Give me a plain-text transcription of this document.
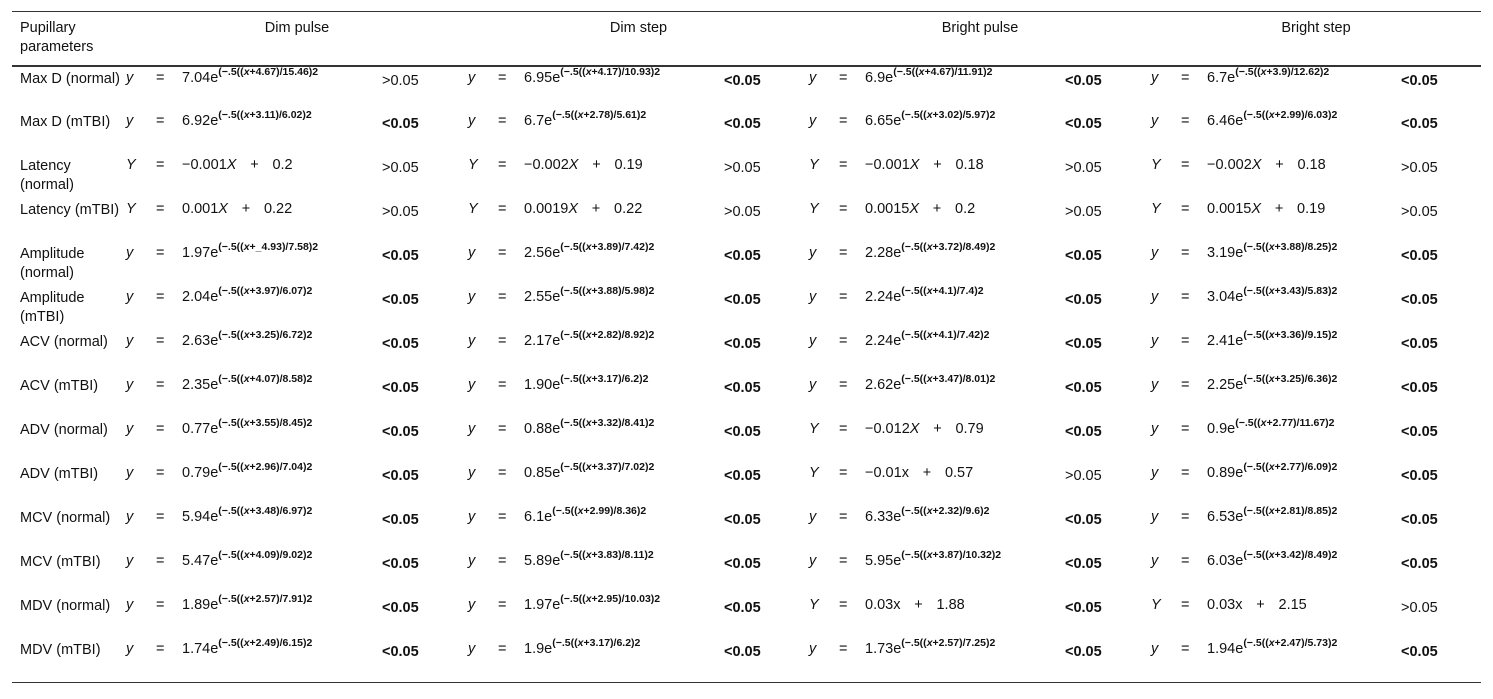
Pupillary parameters	Dim pulse		Dim step		Bright pulse		Bright step	
Max D (normal)	$y = 7.04e^{(-.5((x+4.67)/15.46)2}$	>0.05	$y = 6.95e^{(-.5((x+4.17)/10.93)2}$	<0.05	$y = 6.9e^{(-.5((x+4.67)/11.91)2}$	<0.05	$y = 6.7e^{(-.5((x+3.9)/12.62)2}$	<0.05
Max D (mTBI)	$y = 6.92e^{(-.5((x+3.11)/6.02)2}$	<0.05	$y = 6.7e^{(-.5((x+2.78)/5.61)2}$	<0.05	$y = 6.65e^{(-.5((x+3.02)/5.97)2}$	<0.05	$y = 6.46e^{(-.5((x+2.99)/6.03)2}$	<0.05
Latency (normal)	Y = −0.001X + 0.2	>0.05	Y = −0.002X + 0.19	>0.05	Y = −0.001X + 0.18	>0.05	Y = −0.002X + 0.18	>0.05
Latency (mTBI)	Y = 0.001X + 0.22	>0.05	Y = 0.0019X + 0.22	>0.05	Y = 0.0015X + 0.2	>0.05	Y = 0.0015X + 0.19	>0.05
Amplitude (normal)	$y = 1.97e^{(-.5((x+\_4.93)/7.58)2}$	<0.05	$y = 2.56e^{(-.5((x+3.89)/7.42)2}$	<0.05	$y = 2.28e^{(-.5((x+3.72)/8.49)2}$	<0.05	$y = 3.19e^{(-.5((x+3.88)/8.25)2}$	<0.05
Amplitude (mTBI)	$y = 2.04e^{(-.5((x+3.97)/6.07)2}$	<0.05	$y = 2.55e^{(-.5((x+3.88)/5.98)2}$	<0.05	$y = 2.24e^{(-.5((x+4.1)/7.4)2}$	<0.05	$y = 3.04e^{(-.5((x+3.43)/5.83)2}$	<0.05
ACV (normal)	$y = 2.63e^{(-.5((x+3.25)/6.72)2}$	<0.05	$y = 2.17e^{(-.5((x+2.82)/8.92)2}$	<0.05	$y = 2.24e^{(-.5((x+4.1)/7.42)2}$	<0.05	$y = 2.41e^{(-.5((x+3.36)/9.15)2}$	<0.05
ACV (mTBI)	$y = 2.35e^{(-.5((x+4.07)/8.58)2}$	<0.05	$y = 1.90e^{(-.5((x+3.17)/6.2)2}$	<0.05	$y = 2.62e^{(-.5((x+3.47)/8.01)2}$	<0.05	$y = 2.25e^{(-.5((x+3.25)/6.36)2}$	<0.05
ADV (normal)	$y = 0.77e^{(-.5((x+3.55)/8.45)2}$	<0.05	$y = 0.88e^{(-.5((x+3.32)/8.41)2}$	<0.05	Y = −0.012X + 0.79	<0.05	$y = 0.9e^{(-.5((x+2.77)/11.67)2}$	<0.05
ADV (mTBI)	$y = 0.79e^{(-.5((x+2.96)/7.04)2}$	<0.05	$y = 0.85e^{(-.5((x+3.37)/7.02)2}$	<0.05	Y = −0.01x + 0.57	>0.05	$y = 0.89e^{(-.5((x+2.77)/6.09)2}$	<0.05
MCV (normal)	$y = 5.94e^{(-.5((x+3.48)/6.97)2}$	<0.05	$y = 6.1e^{(-.5((x+2.99)/8.36)2}$	<0.05	$y = 6.33e^{(-.5((x+2.32)/9.6)2}$	<0.05	$y = 6.53e^{(-.5((x+2.81)/8.85)2}$	<0.05
MCV (mTBI)	$y = 5.47e^{(-.5((x+4.09)/9.02)2}$	<0.05	$y = 5.89e^{(-.5((x+3.83)/8.11)2}$	<0.05	$y = 5.95e^{(-.5((x+3.87)/10.32)2}$	<0.05	$y = 6.03e^{(-.5((x+3.42)/8.49)2}$	<0.05
MDV (normal)	$y = 1.89e^{(-.5((x+2.57)/7.91)2}$	<0.05	$y = 1.97e^{(-.5((x+2.95)/10.03)2}$	<0.05	Y = 0.03x + 1.88	<0.05	Y = 0.03x + 2.15	>0.05
MDV (mTBI)	$y = 1.74e^{(-.5((x+2.49)/6.15)2}$	<0.05	$y = 1.9e^{(-.5((x+3.17)/6.2)2}$	<0.05	$y = 1.73e^{(-.5((x+2.57)/7.25)2}$	<0.05	$y = 1.94e^{(-.5((x+2.47)/5.73)2}$	<0.05
